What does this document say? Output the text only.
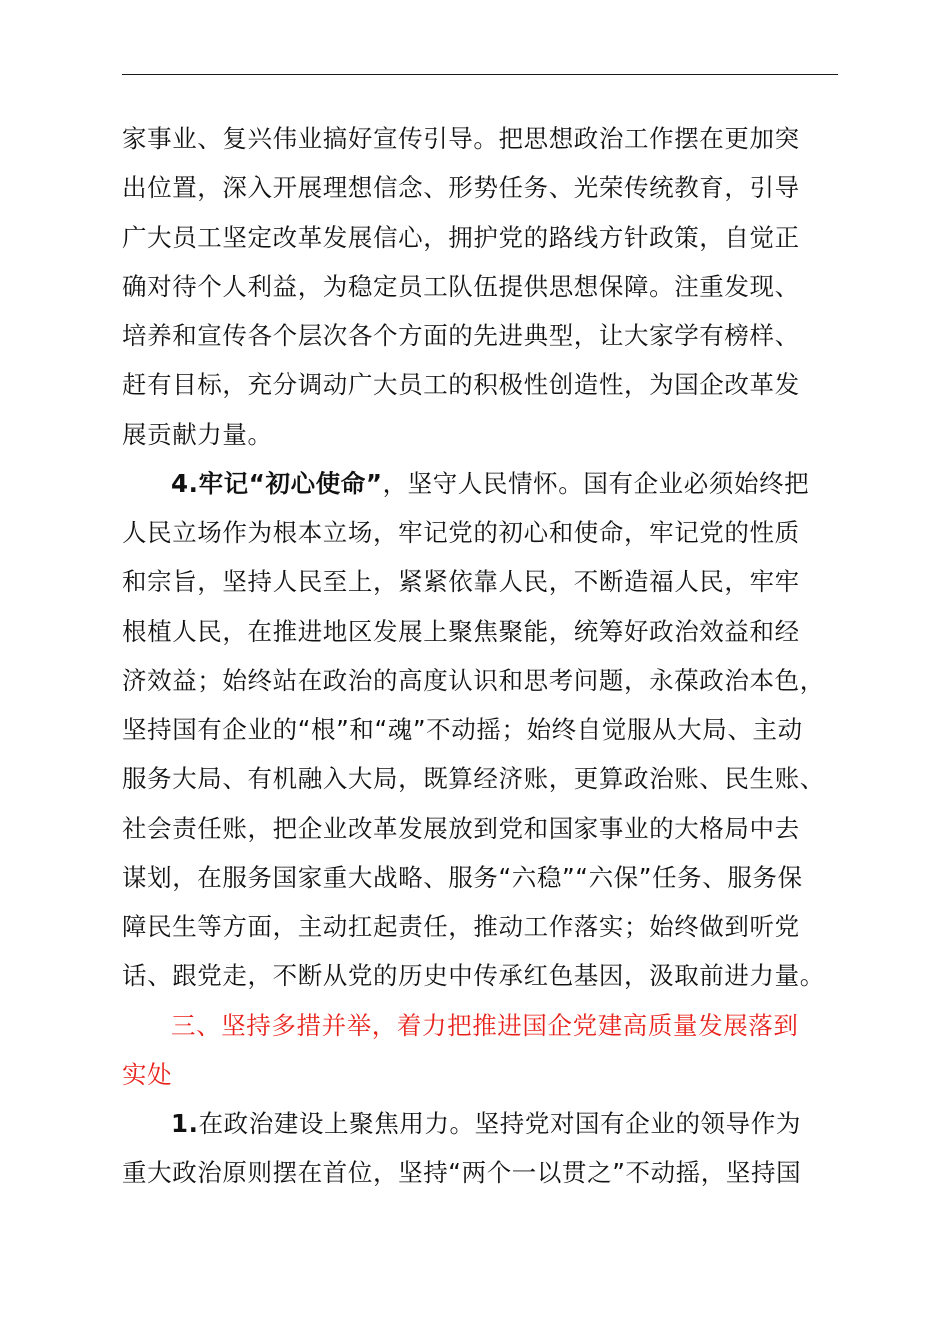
家事业、复兴伟业搞好宣传引导。把思想政治工作摆在更加突
出位置，深入开展理想信念、形势任务、光荣传统教育，引导
广大员工坚定改革发展信心，拥护党的路线方针政策，自觉正
确对待个人利益，为稳定员工队伍提供思想保障。注重发现、
培养和宣传各个层次各个方面的先进典型，让大家学有榜样、
赶有目标，充分调动广大员工的积极性创造性，为国企改革发
展贡献力量。
4.牢记“初心使命”，坚守人民情怀。国有企业必须始终把
人民立场作为根本立场，牢记党的初心和使命，牢记党的性质
和宗旨，坚持人民至上，紧紧依靠人民，不断造福人民，牢牢
根植人民，在推进地区发展上聚焦聚能，统筹好政治效益和经
济效益；始终站在政治的高度认识和思考问题，永葆政治本色，
坚持国有企业的“根”和“魂”不动摇；始终自觉服从大局、主动
服务大局、有机融入大局，既算经济账，更算政治账、民生账、
社会责任账，把企业改革发展放到党和国家事业的大格局中去
谋划，在服务国家重大战略、服务“六稳”“六保”任务、服务保
障民生等方面，主动扛起责任，推动工作落实；始终做到听党
话、跟党走，不断从党的历史中传承红色基因，汲取前进力量。
三、坚持多措并举，着力把推进国企党建高质量发展落到
实处
1.在政治建设上聚焦用力。坚持党对国有企业的领导作为
重大政治原则摆在首位，坚持“两个一以贯之”不动摇，坚持国
